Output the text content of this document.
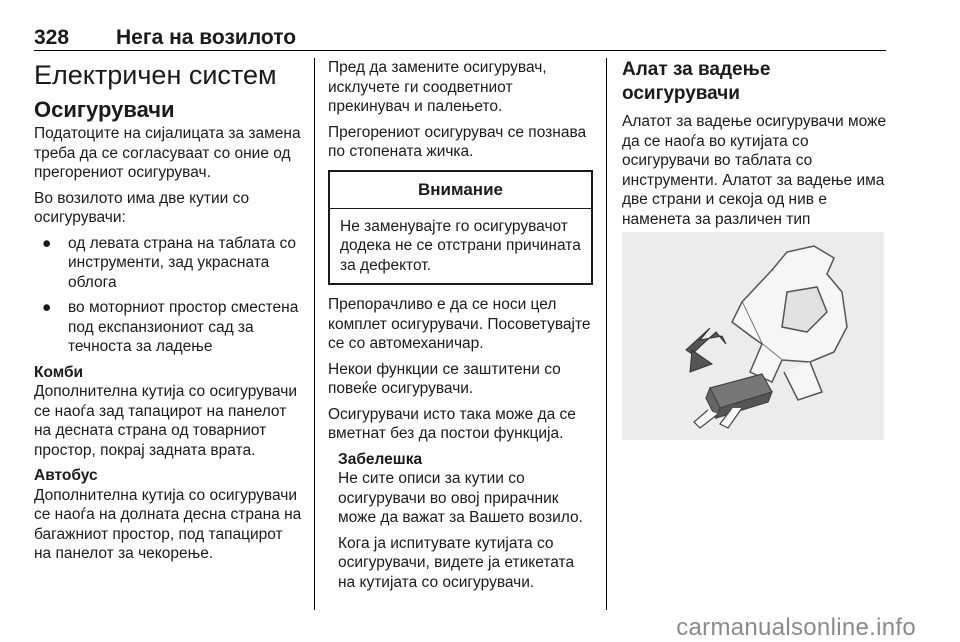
328 Нега на возилото
Електричен систем
Осигурувачи

Податоците на сијалицата за замена треба да се согласуваат со оние од прегорениот осигурувач.

Во возилото има две кутии со осигурувачи:

● од левата страна на таблата со инструменти, зад украсната облога
● во моторниот простор сместена под експанзиониот сад за течноста за ладење
Комби

Дополнителна кутија со осигурувачи се наоѓа зад тапацирот на панелот на десната страна од товарниот простор, покрај задната врата.

Автобус

Дополнителна кутија со осигурувачи се наоѓа на долната десна страна на багажниот простор, под тапацирот на панелот за чекорење.

Пред да замените осигурувач, исклучете ги соодветниот прекинувач и палењето.

Прегорениот осигурувач се познава по стопената жичка.

Внимание
Не заменувајте го осигурувачот додека не се отстрани причината за дефектот.

Препорачливо е да се носи цел комплет осигурувачи. Посоветувајте се со автомеханичар.

Некои функции се заштитени со повеќе осигурувачи.

Осигурувачи исто така може да се вметнат без да постои функција.

Забелешка

Не сите описи за кутии со осигурувачи во овој прирачник може да важат за Вашето возило.

Кога ја испитувате кутијата со осигурувачи, видете ја етикетата на кутијата со осигурувачи.

Алат за вадење осигурувачи

Алатот за вадење осигурувачи може да се наоѓа во кутијата со осигурувачи во таблата со инструменти. Алатот за вадење има две страни и секоја од нив е наменета за различен тип

carmanualsonline.info
